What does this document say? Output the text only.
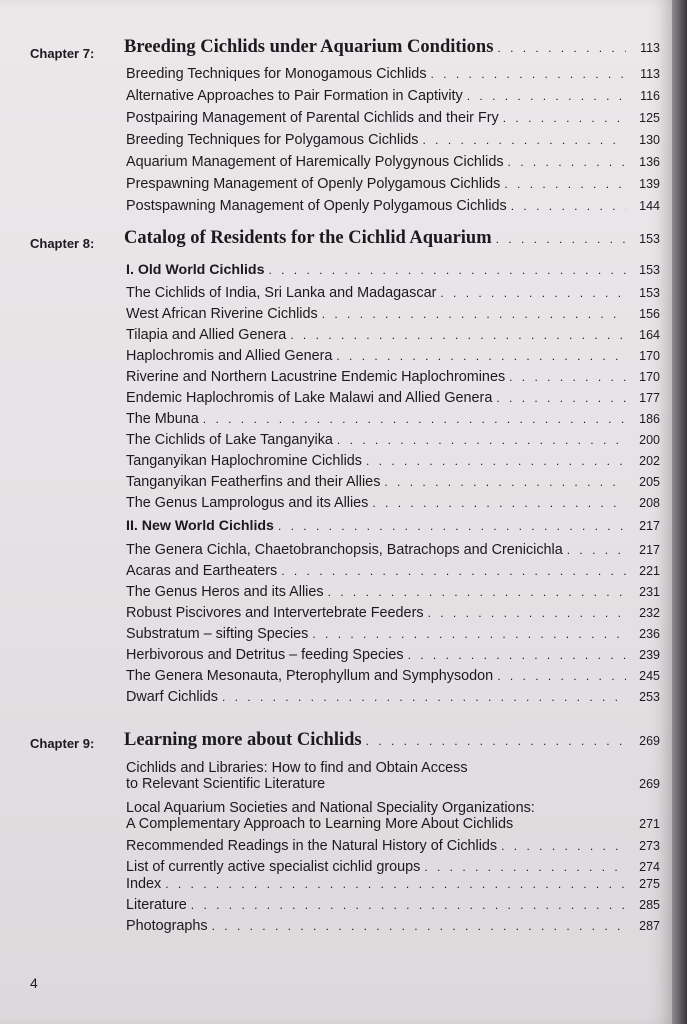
Chapter 7: Breeding Cichlids under Aquarium Conditions . . .	113
Breeding Techniques for Monogamous Cichlids . . .	113
Alternative Approaches to Pair Formation in Captivity . . .	116
Postpairing Management of Parental Cichlids and their Fry . . .	125
Breeding Techniques for Polygamous Cichlids . . .	130
Aquarium Management of Haremically Polygynous Cichlids . . .	136
Prespawning Management of Openly Polygamous Cichlids . . .	139
Postspawning Management of Openly Polygamous Cichlids . . .	144
Chapter 8: Catalog of Residents for the Cichlid Aquarium . . .	153
I. Old World Cichlids . . .	153
The Cichlids of India, Sri Lanka and Madagascar . . .	153
West African Riverine Cichlids . . .	156
Tilapia and Allied Genera . . .	164
Haplochromis and Allied Genera . . .	170
Riverine and Northern Lacustrine Endemic Haplochromines . . .	170
Endemic Haplochromis of Lake Malawi and Allied Genera . . .	177
The Mbuna . . .	186
The Cichlids of Lake Tanganyika . . .	200
Tanganyikan Haplochromine Cichlids . . .	202
Tanganyikan Featherfins and their Allies . . .	205
The Genus Lamprologus and its Allies . . .	208
II. New World Cichlids . . .	217
The Genera Cichla, Chaetobranchopsis, Batrachops and Crenicichla . . .	217
Acaras and Eartheaters . . .	221
The Genus Heros and its Allies . . .	231
Robust Piscivores and Intervertebrate Feeders . . .	232
Substratum – sifting Species . . .	236
Herbivorous and Detritus – feeding Species . . .	239
The Genera Mesonauta, Pterophyllum and Symphysodon . . .	245
Dwarf Cichlids . . .	253
Chapter 9: Learning more about Cichlids . . .	269
Cichlids and Libraries: How to find and Obtain Access
to Relevant Scientific Literature	269
Local Aquarium Societies and National Speciality Organizations:
A Complementary Approach to Learning More About Cichlids	271
Recommended Readings in the Natural History of Cichlids . . .	273
List of currently active specialist cichlid groups . . .	274
Index . . .	275
Literature . . .	285
Photographs . . .	287
4
